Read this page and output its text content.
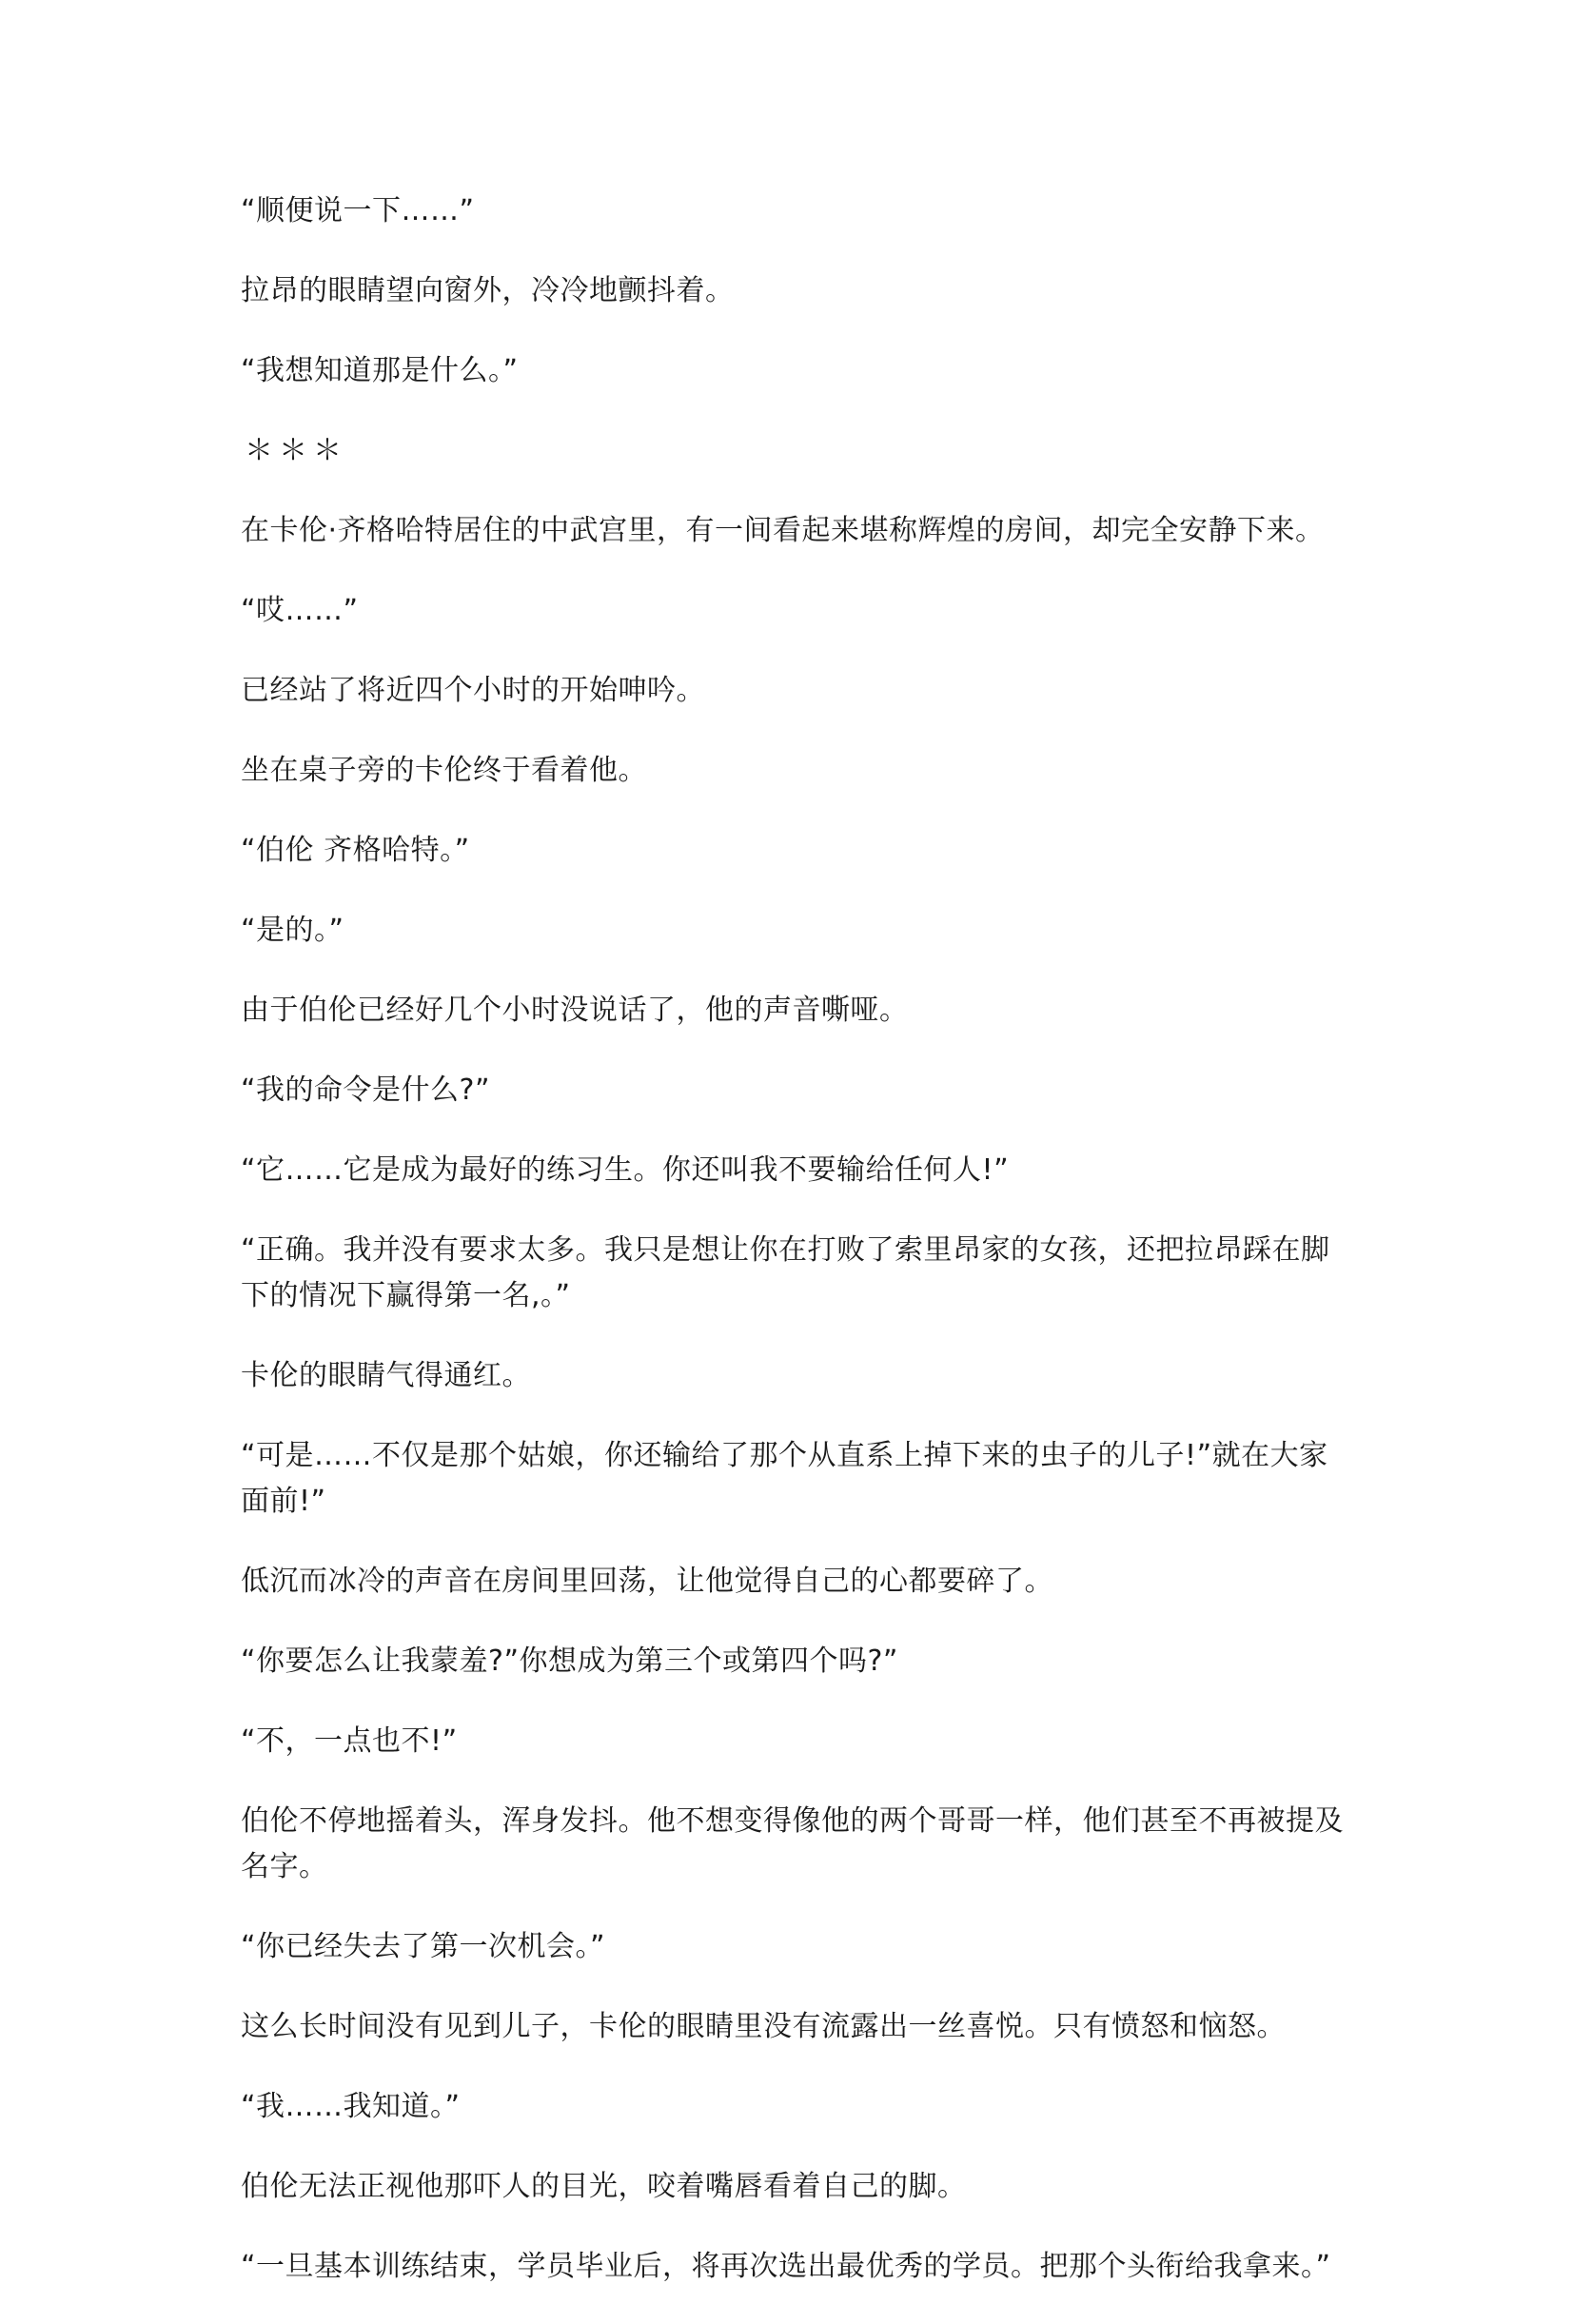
“顺便说一下……”

拉昂的眼睛望向窗外，冷冷地颤抖着。

“我想知道那是什么。”

＊＊＊

在卡伦·齐格哈特居住的中武宫里，有一间看起来堪称辉煌的房间，却完全安静下来。

“哎……”

已经站了将近四个小时的开始呻吟。

坐在桌子旁的卡伦终于看着他。

“伯伦 齐格哈特。”

“是的。”

由于伯伦已经好几个小时没说话了，他的声音嘶哑。

“我的命令是什么?”

“它……它是成为最好的练习生。你还叫我不要输给任何人!”

“正确。我并没有要求太多。我只是想让你在打败了索里昂家的女孩，还把拉昂踩在脚下的情况下赢得第一名,。”

卡伦的眼睛气得通红。

“可是……不仅是那个姑娘，你还输给了那个从直系上掉下来的虫子的儿子!”就在大家面前!”

低沉而冰冷的声音在房间里回荡，让他觉得自己的心都要碎了。

“你要怎么让我蒙羞?”你想成为第三个或第四个吗?”

“不，一点也不!”

伯伦不停地摇着头，浑身发抖。他不想变得像他的两个哥哥一样，他们甚至不再被提及名字。

“你已经失去了第一次机会。”

这么长时间没有见到儿子，卡伦的眼睛里没有流露出一丝喜悦。只有愤怒和恼怒。

“我……我知道。”

伯伦无法正视他那吓人的目光，咬着嘴唇看着自己的脚。

“一旦基本训练结束，学员毕业后，将再次选出最优秀的学员。把那个头衔给我拿来。”
